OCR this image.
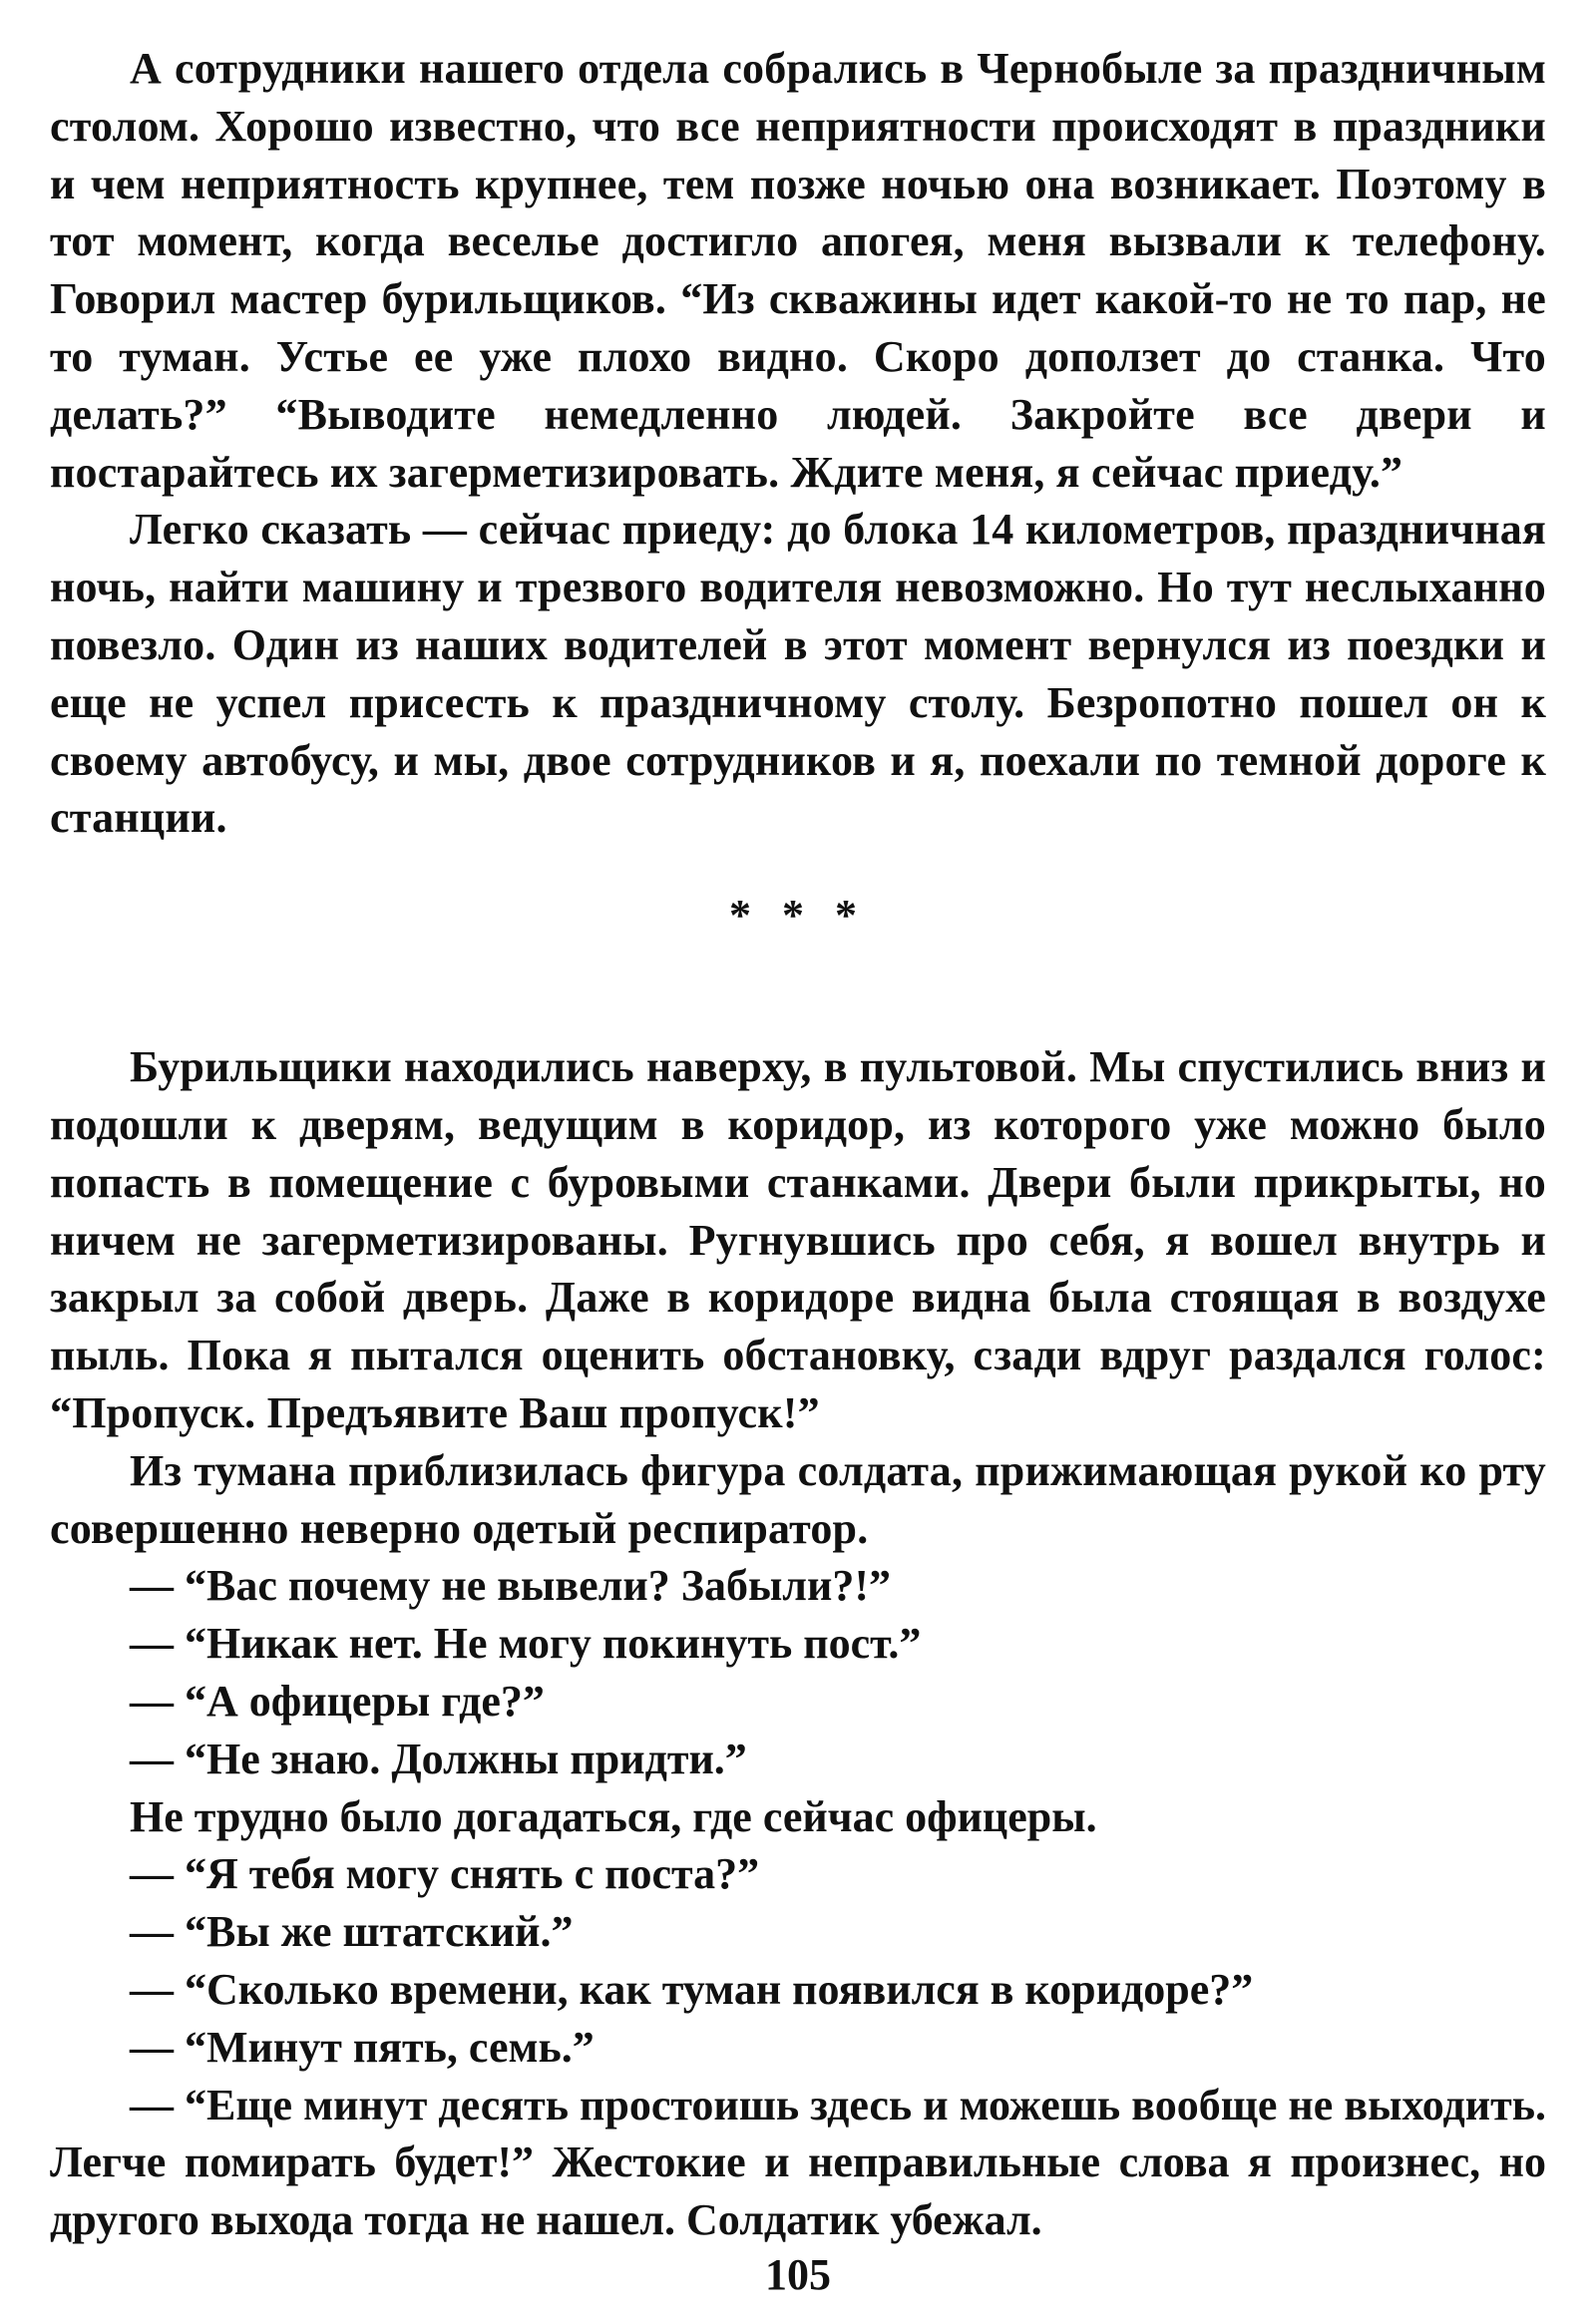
А сотрудники нашего отдела собрались в Чернобыле за праздничным столом. Хорошо известно, что все неприятности происходят в праздники и чем неприятность крупнее, тем позже ночью она возникает. Поэтому в тот момент, когда веселье достигло апогея, меня вызвали к телефону. Говорил мастер бурильщиков. “Из скважины идет какой-то не то пар, не то туман. Устье ее уже плохо видно. Скоро доползет до станка. Что делать?” “Выводите немедленно людей. Закройте все двери и постарайтесь их загерметизировать. Ждите меня, я сейчас приеду.”

Легко сказать — сейчас приеду: до блока 14 километров, праздничная ночь, найти машину и трезвого водителя невозможно. Но тут неслыханно повезло. Один из наших водителей в этот момент вернулся из поездки и еще не успел присесть к праздничному столу. Безропотно пошел он к своему автобусу, и мы, двое сотрудников и я, поехали по темной дороге к станции.

* * *

Бурильщики находились наверху, в пультовой. Мы спустились вниз и подошли к дверям, ведущим в коридор, из которого уже можно было попасть в помещение с буровыми станками. Двери были прикрыты, но ничем не загерметизированы. Ругнувшись про себя, я вошел внутрь и закрыл за собой дверь. Даже в коридоре видна была стоящая в воздухе пыль. Пока я пытался оценить обстановку, сзади вдруг раздался голос: “Пропуск. Предъявите Ваш пропуск!”

Из тумана приблизилась фигура солдата, прижимающая рукой ко рту совершенно неверно одетый респиратор.

— “Вас почему не вывели? Забыли?!”

— “Никак нет. Не могу покинуть пост.”

— “А офицеры где?”

— “Не знаю. Должны придти.”

Не трудно было догадаться, где сейчас офицеры.

— “Я тебя могу снять с поста?”

— “Вы же штатский.”

— “Сколько времени, как туман появился в коридоре?”

— “Минут пять, семь.”

— “Еще минут десять простоишь здесь и можешь вообще не выходить. Легче помирать будет!” Жестокие и неправильные слова я произнес, но другого выхода тогда не нашел. Солдатик убежал.

105
